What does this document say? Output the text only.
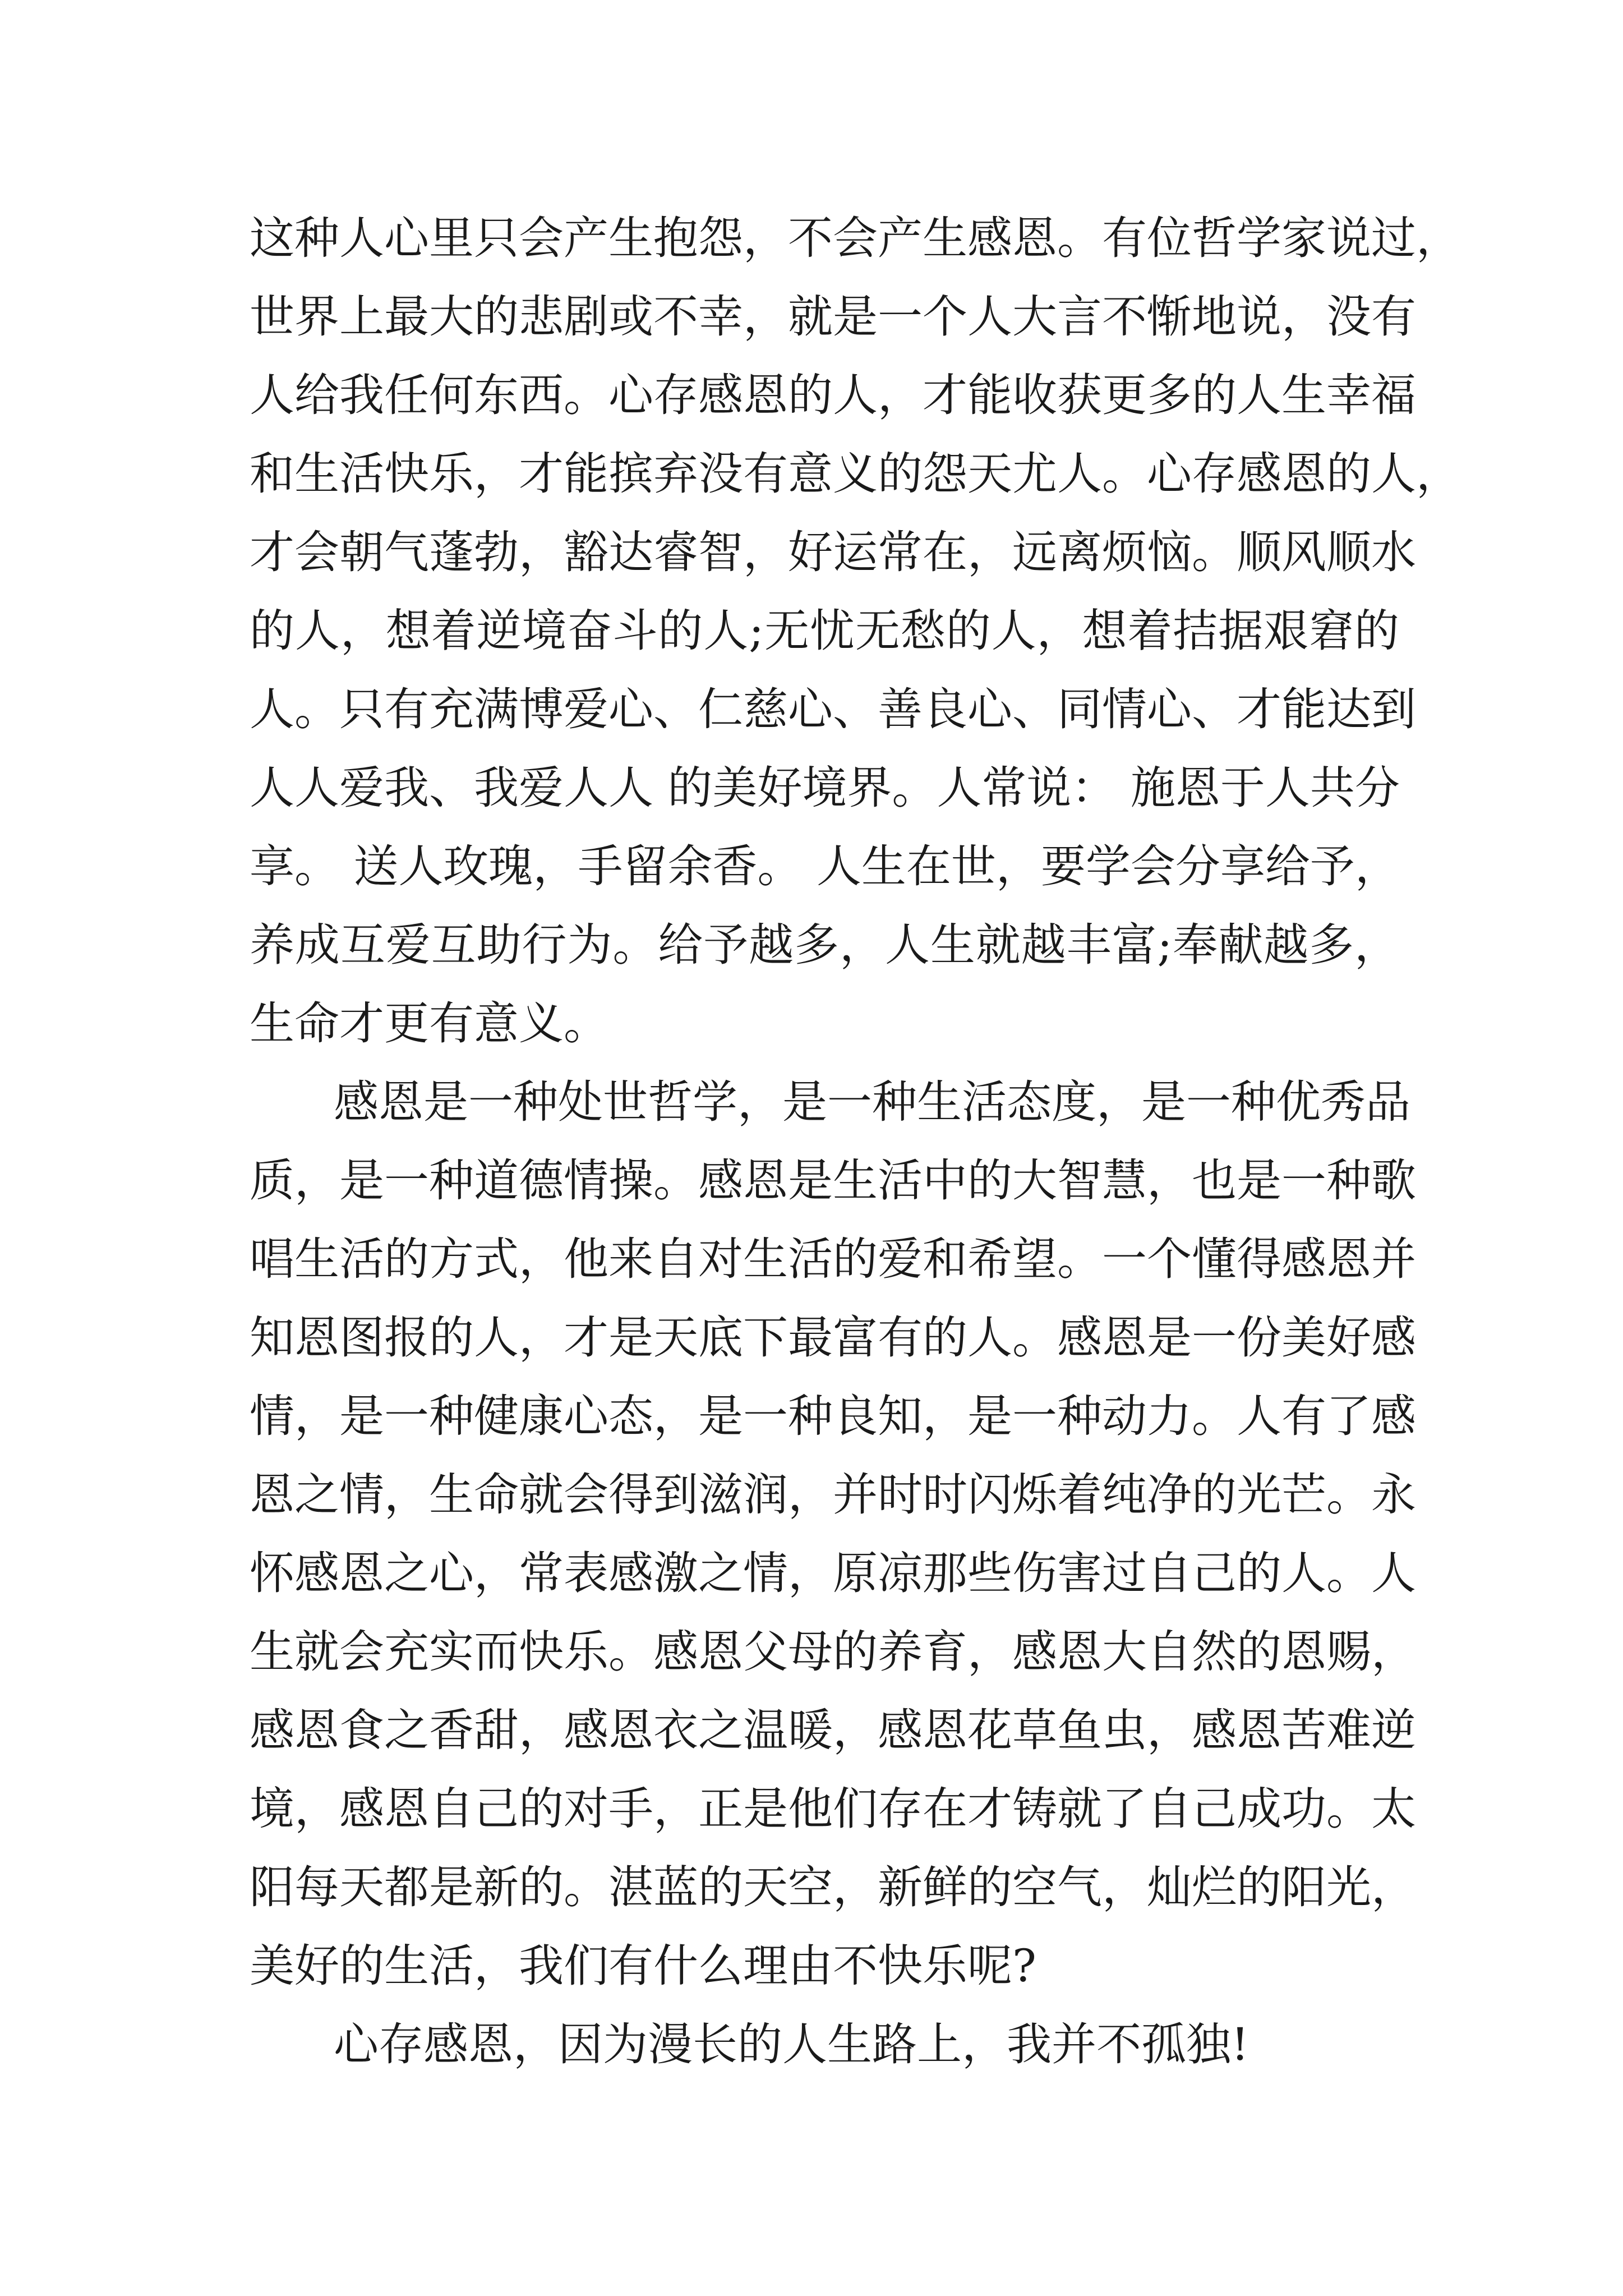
这种人心里只会产生抱怨，不会产生感恩。有位哲学家说过，
世界上最大的悲剧或不幸，就是一个人大言不惭地说，没有
人给我任何东西。心存感恩的人，才能收获更多的人生幸福
和生活快乐，才能摈弃没有意义的怨天尤人。心存感恩的人，
才会朝气蓬勃，豁达睿智，好运常在，远离烦恼。顺风顺水
的人，想着逆境奋斗的人;无忧无愁的人，想着拮据艰窘的
人。只有充满博爱心、仁慈心、善良心、同情心、才能达到
人人爱我、我爱人人 的美好境界。人常说： 施恩于人共分
享。 送人玫瑰，手留余香。 人生在世，要学会分享给予，
养成互爱互助行为。给予越多，人生就越丰富;奉献越多，
生命才更有意义。
感恩是一种处世哲学，是一种生活态度，是一种优秀品
质，是一种道德情操。感恩是生活中的大智慧，也是一种歌
唱生活的方式，他来自对生活的爱和希望。一个懂得感恩并
知恩图报的人，才是天底下最富有的人。感恩是一份美好感
情，是一种健康心态，是一种良知，是一种动力。人有了感
恩之情，生命就会得到滋润，并时时闪烁着纯净的光芒。永
怀感恩之心，常表感激之情，原凉那些伤害过自己的人。人
生就会充实而快乐。感恩父母的养育，感恩大自然的恩赐，
感恩食之香甜，感恩衣之温暖，感恩花草鱼虫，感恩苦难逆
境，感恩自己的对手，正是他们存在才铸就了自己成功。太
阳每天都是新的。湛蓝的天空，新鲜的空气，灿烂的阳光，
美好的生活，我们有什么理由不快乐呢?
心存感恩，因为漫长的人生路上，我并不孤独!
